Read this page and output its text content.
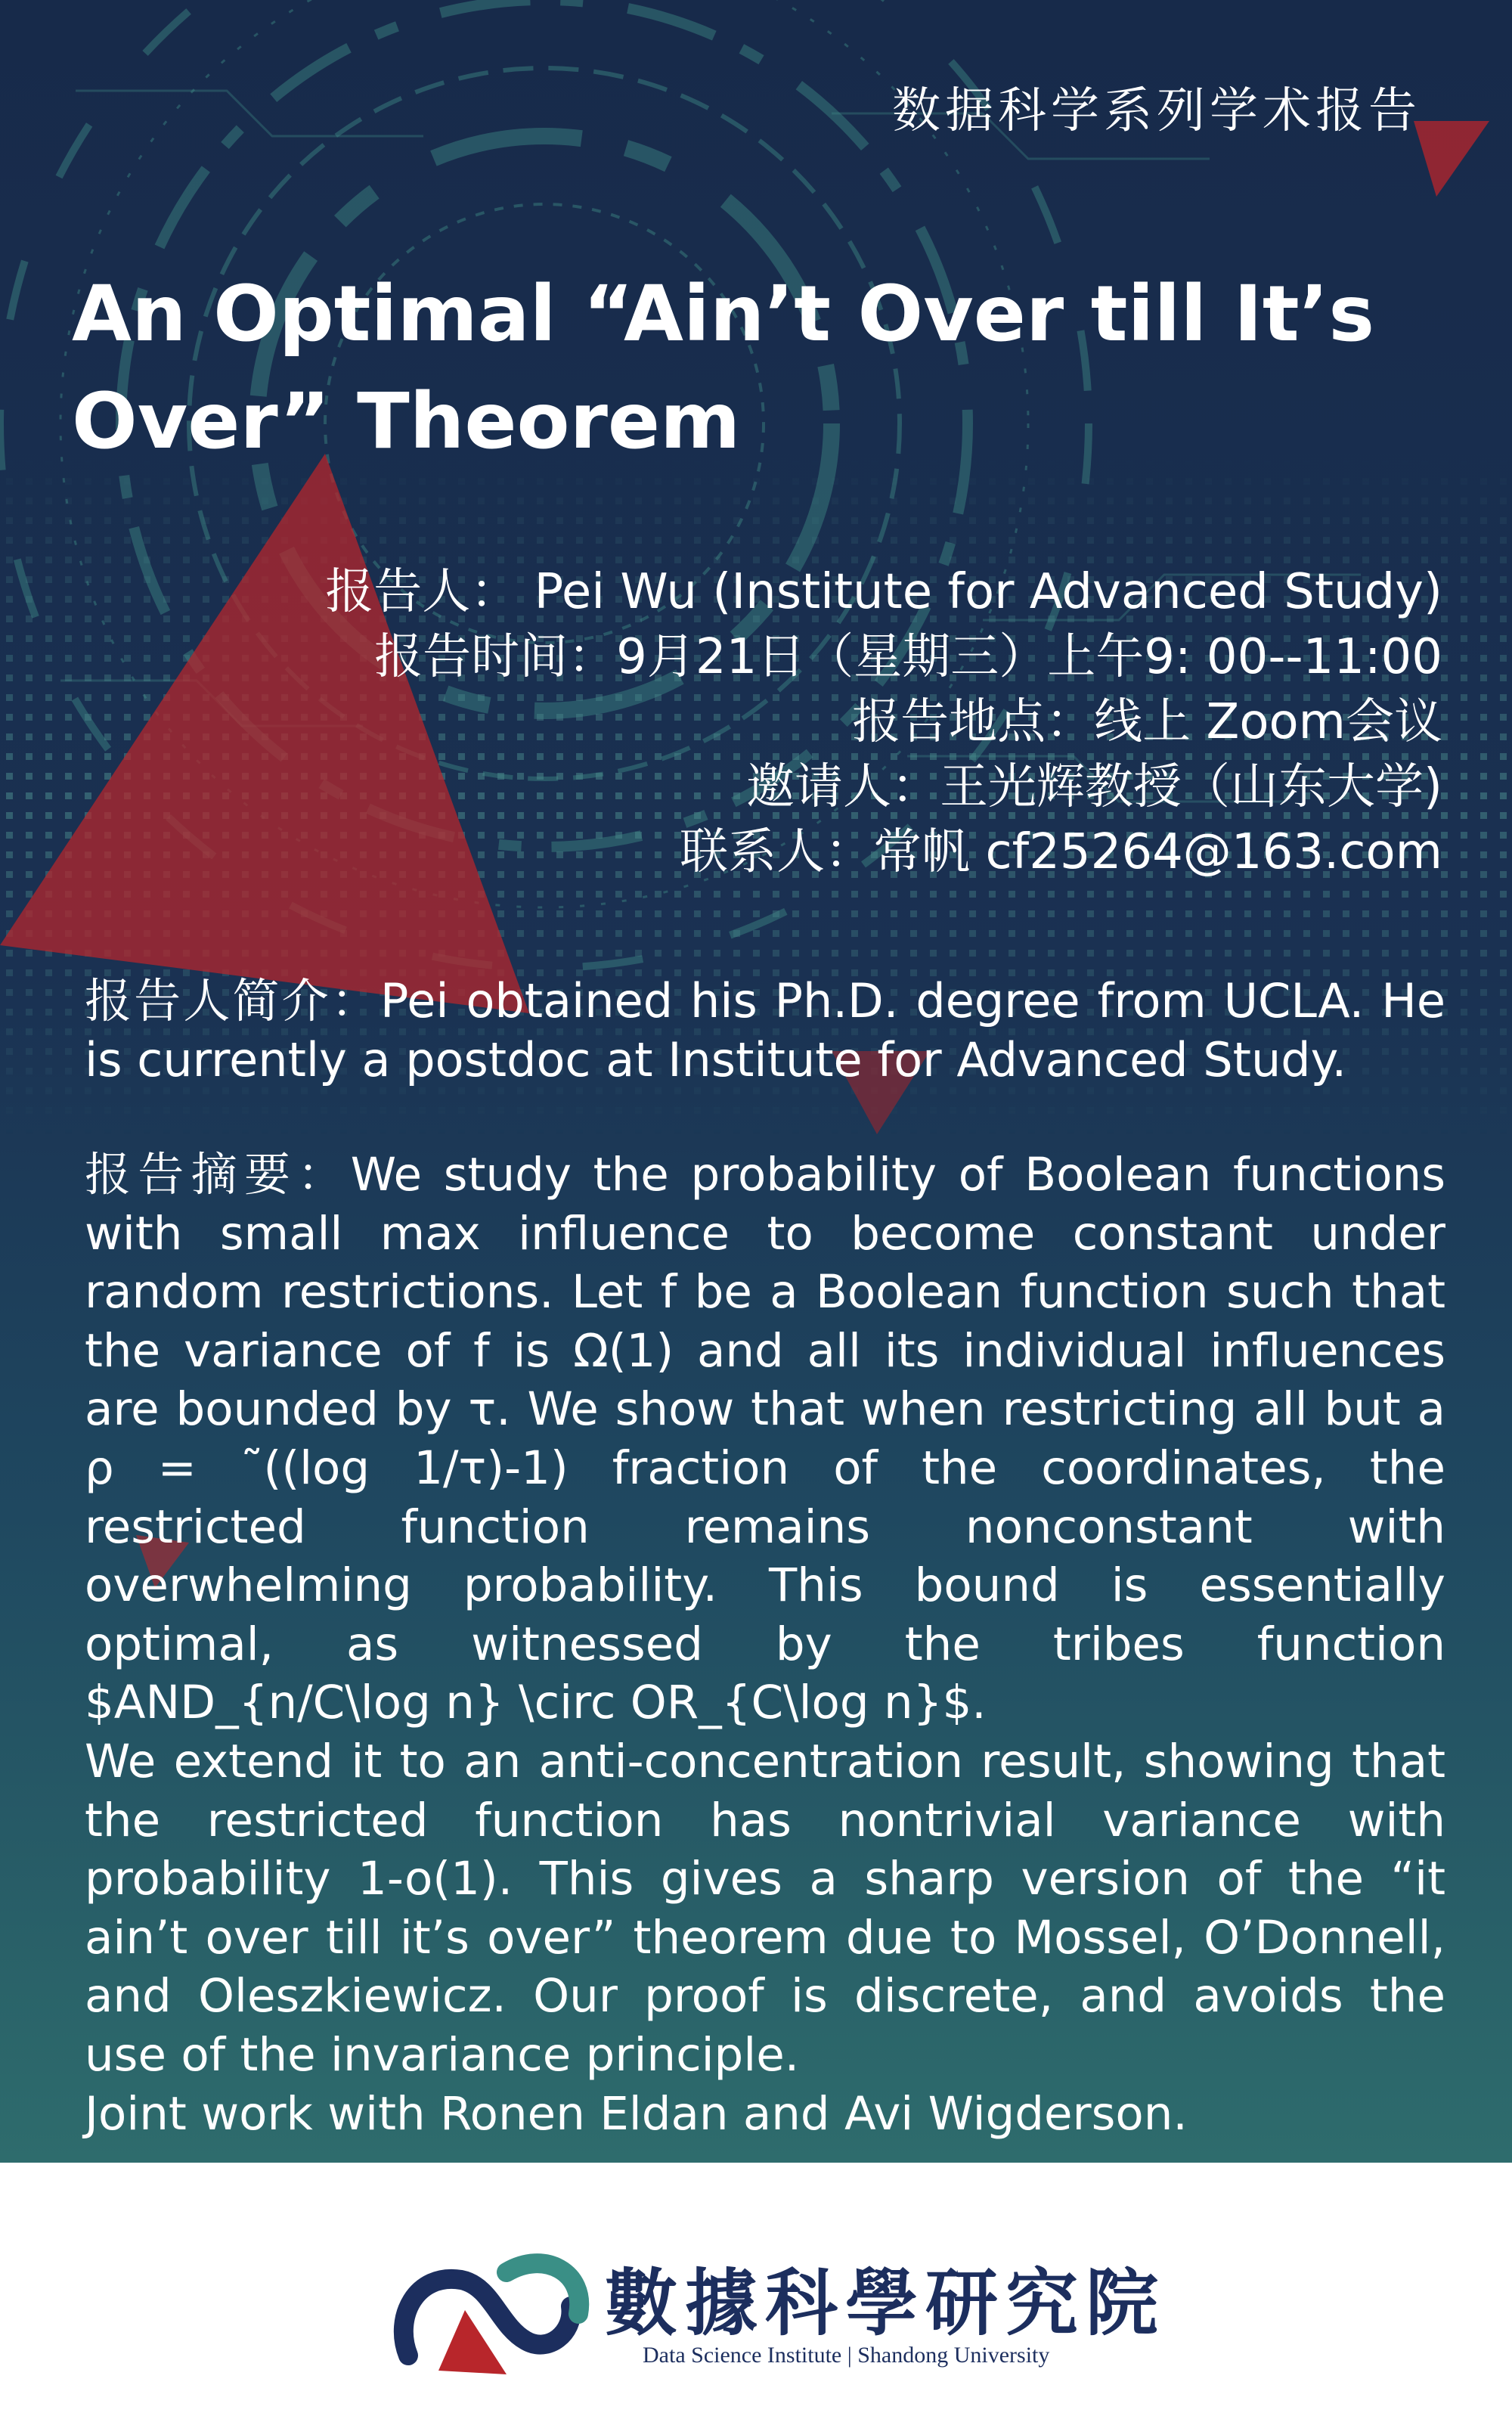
数据科学系列学术报告
An Optimal “Ain’t Over till It’s Over” Theorem
报告人： Pei Wu (Institute for Advanced Study)
报告时间：9月21日（星期三）上午9: 00--11:00
报告地点：线上 Zoom会议
邀请人：王光辉教授（山东大学)
联系人：常帆 cf25264@163.com

报告人简介：Pei obtained his Ph.D. degree from UCLA. He is currently a postdoc at Institute for Advanced Study.

报告摘要：We study the probability of Boolean functions with small max influence to become constant under random restrictions. Let f be a Boolean function such that the variance of f is Ω(1) and all its individual influences are bounded by τ. We show that when restricting all but a ρ = ˜((log 1/τ)-1) fraction of the coordinates, the restricted function remains nonconstant with overwhelming probability. This bound is essentially optimal, as witnessed by the tribes function $AND_{n/C\log n} \circ OR_{C\log n}$.

We extend it to an anti-concentration result, showing that the restricted function has nontrivial variance with probability 1-o(1). This gives a sharp version of the “it ain’t over till it’s over” theorem due to Mossel, O’Donnell, and Oleszkiewicz. Our proof is discrete, and avoids the use of the invariance principle.

Joint work with Ronen Eldan and Avi Wigderson.

數據科學研究院
Data Science Institute | Shandong University
